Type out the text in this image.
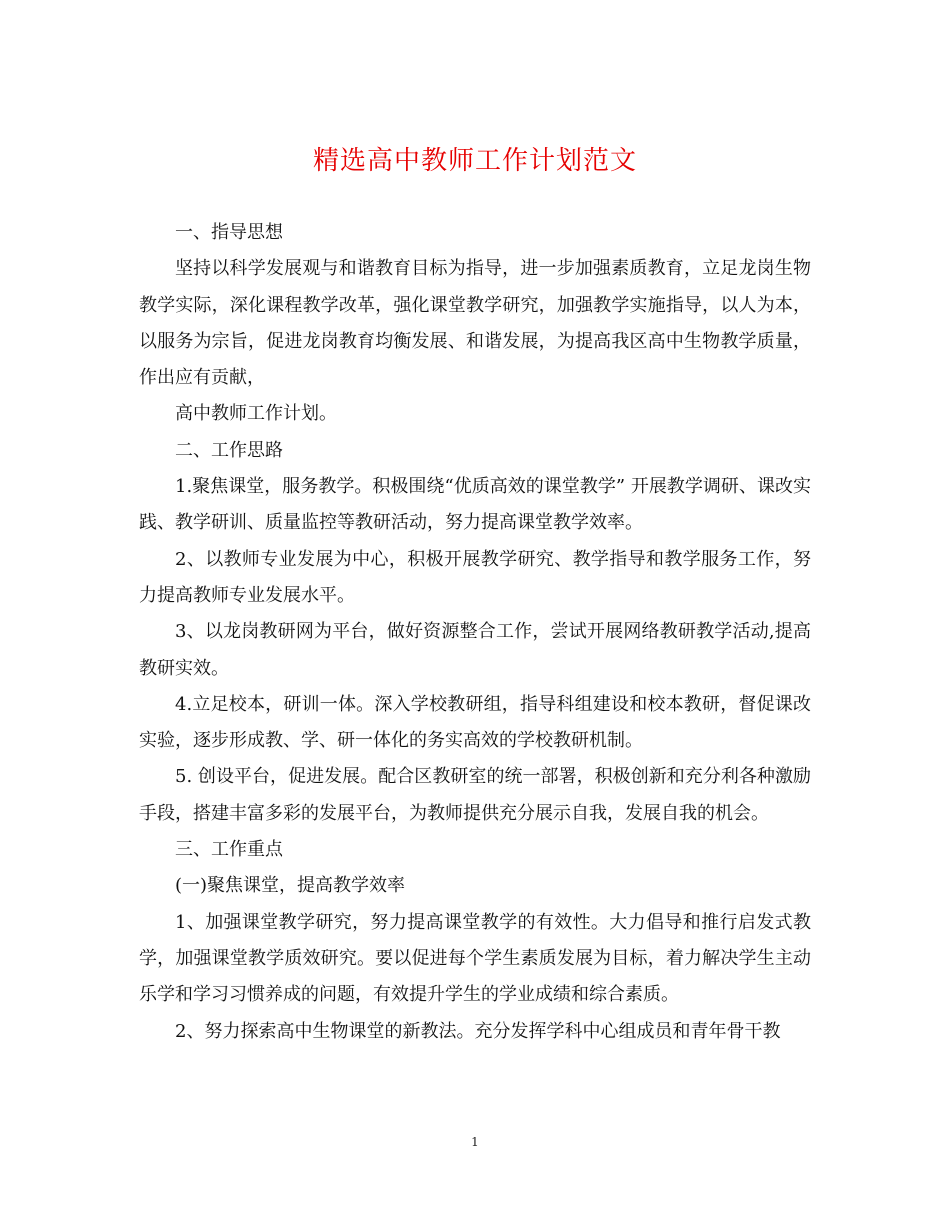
精选高中教师工作计划范文

一、指导思想

坚持以科学发展观与和谐教育目标为指导，进一步加强素质教育，立足龙岗生物教学实际，深化课程教学改革，强化课堂教学研究，加强教学实施指导，以人为本，以服务为宗旨，促进龙岗教育均衡发展、和谐发展，为提高我区高中生物教学质量，作出应有贡献，

高中教师工作计划。

二、工作思路

1.聚焦课堂，服务教学。积极围绕“优质高效的课堂教学” 开展教学调研、课改实践、教学研训、质量监控等教研活动，努力提高课堂教学效率。

2、以教师专业发展为中心，积极开展教学研究、教学指导和教学服务工作，努力提高教师专业发展水平。

3、以龙岗教研网为平台，做好资源整合工作，尝试开展网络教研教学活动,提高教研实效。

4.立足校本，研训一体。深入学校教研组，指导科组建设和校本教研，督促课改实验，逐步形成教、学、研一体化的务实高效的学校教研机制。

5. 创设平台，促进发展。配合区教研室的统一部署，积极创新和充分利各种激励手段，搭建丰富多彩的发展平台，为教师提供充分展示自我，发展自我的机会。

三、工作重点

(一)聚焦课堂，提高教学效率

1、加强课堂教学研究，努力提高课堂教学的有效性。大力倡导和推行启发式教学，加强课堂教学质效研究。要以促进每个学生素质发展为目标，着力解决学生主动乐学和学习习惯养成的问题，有效提升学生的学业成绩和综合素质。

2、努力探索高中生物课堂的新教法。充分发挥学科中心组成员和青年骨干教

1
